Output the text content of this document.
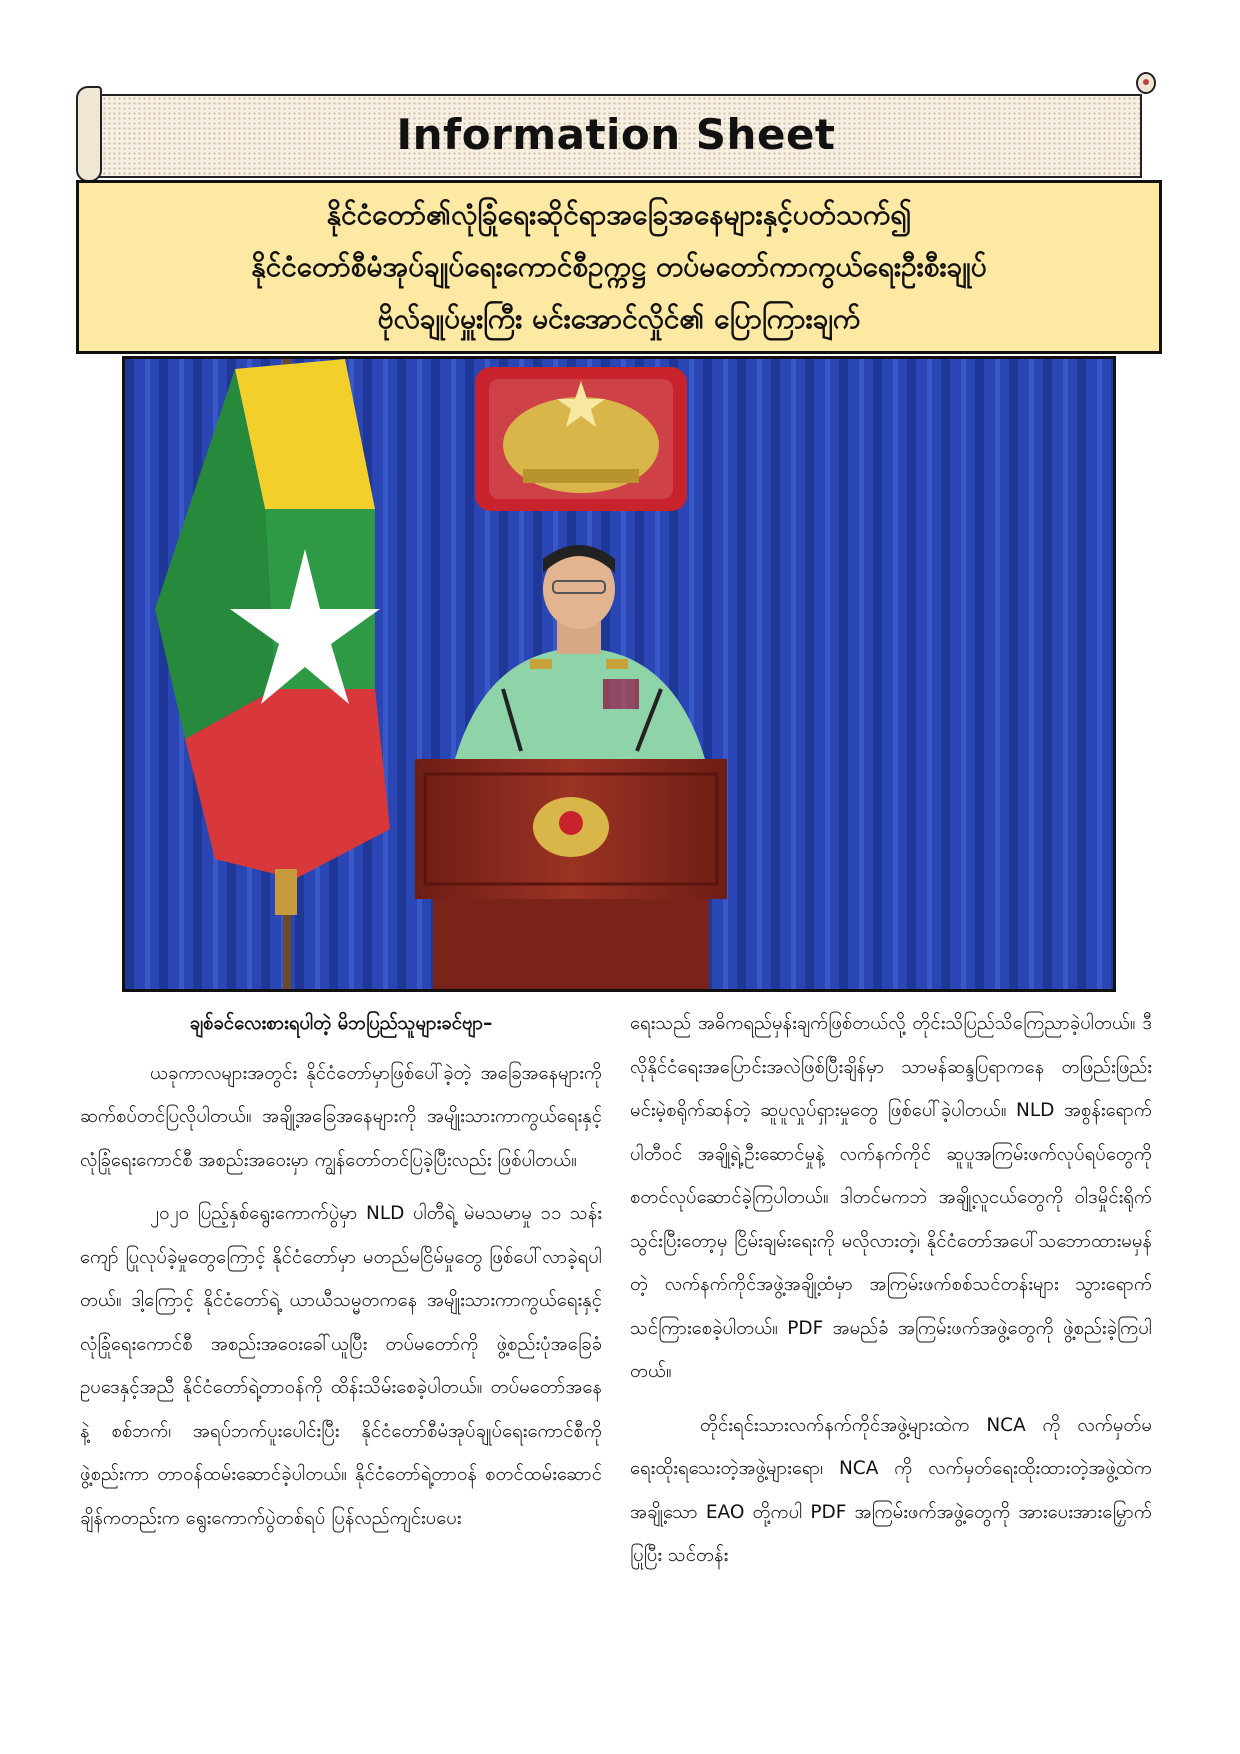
Information Sheet
နိုင်ငံတော်၏လုံခြုံရေးဆိုင်ရာအခြေအနေများနှင့်ပတ်သက်၍
နိုင်ငံတော်စီမံအုပ်ချုပ်ရေးကောင်စီဥက္ကဋ္ဌ တပ်မတော်ကာကွယ်ရေးဦးစီးချုပ်
ဗိုလ်ချုပ်မှူးကြီး မင်းအောင်လှိုင်၏ ပြောကြားချက်

ချစ်ခင်လေးစားရပါတဲ့ မိဘပြည်သူများခင်ဗျာ–

ယခုကာလများအတွင်း နိုင်ငံတော်မှာဖြစ်ပေါ်ခဲ့တဲ့ အခြေအနေများကို ဆက်စပ်တင်ပြလိုပါတယ်။ အချို့အခြေအနေများကို အမျိုးသားကာကွယ်ရေးနှင့် လုံခြုံရေးကောင်စီ အစည်းအဝေးမှာ ကျွန်တော်တင်ပြခဲ့ပြီးလည်း ဖြစ်ပါတယ်။

၂၀၂၀ ပြည့်နှစ်ရွေးကောက်ပွဲမှာ NLD ပါတီရဲ့ မဲမသမာမှု ၁၁ သန်းကျော် ပြုလုပ်ခဲ့မှုတွေကြောင့် နိုင်ငံတော်မှာ မတည်မငြိမ်မှုတွေ ဖြစ်ပေါ်လာခဲ့ရပါတယ်။ ဒါ့ကြောင့် နိုင်ငံတော်ရဲ့ ယာယီသမ္မတကနေ အမျိုးသားကာကွယ်ရေးနှင့် လုံခြုံရေးကောင်စီ အစည်းအဝေးခေါ်ယူပြီး တပ်မတော်ကို ဖွဲ့စည်းပုံအခြေခံဥပဒေနှင့်အညီ နိုင်ငံတော်ရဲ့တာဝန်ကို ထိန်းသိမ်းစေခဲ့ပါတယ်။ တပ်မတော်အနေနဲ့ စစ်ဘက်၊ အရပ်ဘက်ပူးပေါင်းပြီး နိုင်ငံတော်စီမံအုပ်ချုပ်ရေးကောင်စီကို ဖွဲ့စည်းကာ တာဝန်ထမ်းဆောင်ခဲ့ပါတယ်။ နိုင်ငံတော်ရဲ့တာဝန် စတင်ထမ်းဆောင်ချိန်ကတည်းက ရွေးကောက်ပွဲတစ်ရပ် ပြန်လည်ကျင်းပပေး

ရေးသည် အဓိကရည်မှန်းချက်ဖြစ်တယ်လို့ တိုင်းသိပြည်သိကြေညာခဲ့ပါတယ်။ ဒီလိုနိုင်ငံရေးအပြောင်းအလဲဖြစ်ပြီးချိန်မှာ သာမန်ဆန္ဒပြရာကနေ တဖြည်းဖြည်းမင်းမဲ့စရိုက်ဆန်တဲ့ ဆူပူလှုပ်ရှားမှုတွေ ဖြစ်ပေါ်ခဲ့ပါတယ်။ NLD အစွန်းရောက်ပါတီဝင် အချို့ရဲ့ဦးဆောင်မှုနဲ့ လက်နက်ကိုင် ဆူပူအကြမ်းဖက်လုပ်ရပ်တွေကို စတင်လုပ်ဆောင်ခဲ့ကြပါတယ်။ ဒါတင်မကဘဲ အချို့လူငယ်တွေကို ဝါဒမှိုင်းရိုက်သွင်းပြီးတော့မှ ငြိမ်းချမ်းရေးကို မလိုလားတဲ့၊ နိုင်ငံတော်အပေါ်သဘောထားမမှန်တဲ့ လက်နက်ကိုင်အဖွဲ့အချို့ထံမှာ အကြမ်းဖက်စစ်သင်တန်းများ သွားရောက်သင်ကြားစေခဲ့ပါတယ်။ PDF အမည်ခံ အကြမ်းဖက်အဖွဲ့တွေကို ဖွဲ့စည်းခဲ့ကြပါတယ်။

တိုင်းရင်းသားလက်နက်ကိုင်အဖွဲ့များထဲက NCA ကို လက်မှတ်မရေးထိုးရသေးတဲ့အဖွဲ့များရော၊ NCA ကို လက်မှတ်ရေးထိုးထားတဲ့အဖွဲ့ထဲက အချို့သော EAO တို့ကပါ PDF အကြမ်းဖက်အဖွဲ့တွေကို အားပေးအားမြှောက်ပြုပြီး သင်တန်း
